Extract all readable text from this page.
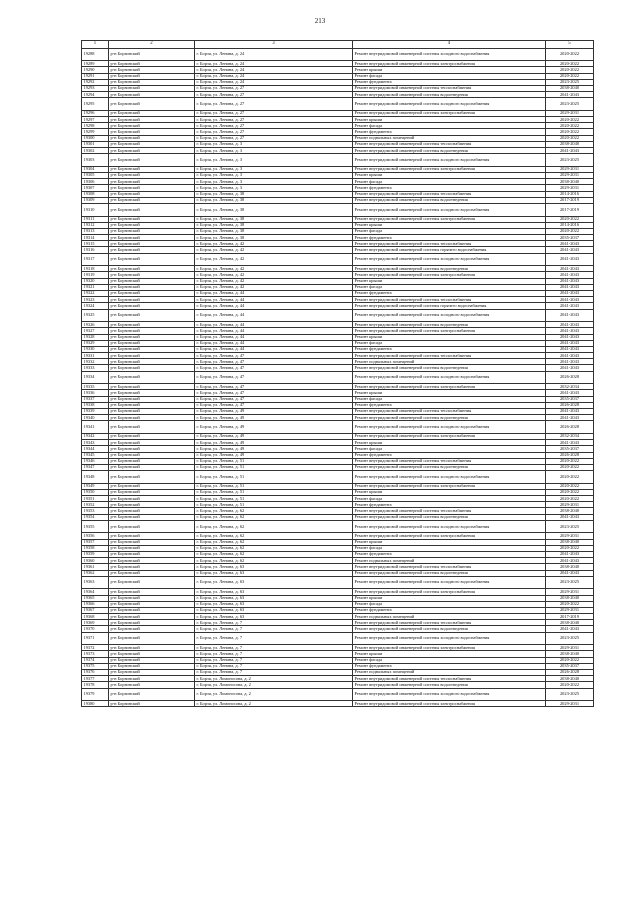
213
1	2	3	4	5
19288	р-н Борзинский	г. Борзя, ул. Ленина, д. 24	Ремонт внутридомовой инженерной системы холодного водоснабжения	2020-2022
19289	р-н Борзинский	г. Борзя, ул. Ленина, д. 24	Ремонт внутридомовой инженерной системы электроснабжения	2020-2022
19290	р-н Борзинский	г. Борзя, ул. Ленина, д. 24	Ремонт крыши	2020-2022
19291	р-н Борзинский	г. Борзя, ул. Ленина, д. 24	Ремонт фасада	2020-2022
19292	р-н Борзинский	г. Борзя, ул. Ленина, д. 24	Ремонт фундамента	2023-2025
19293	р-н Борзинский	г. Борзя, ул. Ленина, д. 27	Ремонт внутридомовой инженерной системы теплоснабжения	2038-2040
19294	р-н Борзинский	г. Борзя, ул. Ленина, д. 27	Ремонт внутридомовой инженерной системы водоотведения	2041-2043
19295	р-н Борзинский	г. Борзя, ул. Ленина, д. 27	Ремонт внутридомовой инженерной системы холодного водоснабжения	2023-2025
19296	р-н Борзинский	г. Борзя, ул. Ленина, д. 27	Ремонт внутридомовой инженерной системы электроснабжения	2029-2031
19297	р-н Борзинский	г. Борзя, ул. Ленина, д. 27	Ремонт крыши	2020-2022
19298	р-н Борзинский	г. Борзя, ул. Ленина, д. 27	Ремонт фасада	2020-2022
19299	р-н Борзинский	г. Борзя, ул. Ленина, д. 27	Ремонт фундамента	2020-2022
19300	р-н Борзинский	г. Борзя, ул. Ленина, д. 27	Ремонт подвальных помещений	2020-2022
19301	р-н Борзинский	г. Борзя, ул. Ленина, д. 3	Ремонт внутридомовой инженерной системы теплоснабжения	2038-2040
19302	р-н Борзинский	г. Борзя, ул. Ленина, д. 3	Ремонт внутридомовой инженерной системы водоотведения	2041-2043
19303	р-н Борзинский	г. Борзя, ул. Ленина, д. 3	Ремонт внутридомовой инженерной системы холодного водоснабжения	2023-2025
19304	р-н Борзинский	г. Борзя, ул. Ленина, д. 3	Ремонт внутридомовой инженерной системы электроснабжения	2029-2031
19305	р-н Борзинский	г. Борзя, ул. Ленина, д. 3	Ремонт крыши	2029-2031
19306	р-н Борзинский	г. Борзя, ул. Ленина, д. 3	Ремонт фасада	2038-2040
19307	р-н Борзинский	г. Борзя, ул. Ленина, д. 3	Ремонт фундамента	2029-2031
19308	р-н Борзинский	г. Борзя, ул. Ленина, д. 38	Ремонт внутридомовой инженерной системы теплоснабжения	2014-2016
19309	р-н Борзинский	г. Борзя, ул. Ленина, д. 38	Ремонт внутридомовой инженерной системы водоотведения	2017-2019
19310	р-н Борзинский	г. Борзя, ул. Ленина, д. 38	Ремонт внутридомовой инженерной системы холодного водоснабжения	2017-2019
19311	р-н Борзинский	г. Борзя, ул. Ленина, д. 38	Ремонт внутридомовой инженерной системы электроснабжения	2020-2022
19312	р-н Борзинский	г. Борзя, ул. Ленина, д. 38	Ремонт крыши	2014-2016
19313	р-н Борзинский	г. Борзя, ул. Ленина, д. 38	Ремонт фасада	2020-2022
19314	р-н Борзинский	г. Борзя, ул. Ленина, д. 38	Ремонт фундамента	2035-2037
19315	р-н Борзинский	г. Борзя, ул. Ленина, д. 42	Ремонт внутридомовой инженерной системы теплоснабжения	2041-2043
19316	р-н Борзинский	г. Борзя, ул. Ленина, д. 42	Ремонт внутридомовой инженерной системы горячего водоснабжения	2041-2043
19317	р-н Борзинский	г. Борзя, ул. Ленина, д. 42	Ремонт внутридомовой инженерной системы холодного водоснабжения	2041-2043
19318	р-н Борзинский	г. Борзя, ул. Ленина, д. 42	Ремонт внутридомовой инженерной системы водоотведения	2041-2043
19319	р-н Борзинский	г. Борзя, ул. Ленина, д. 42	Ремонт внутридомовой инженерной системы электроснабжения	2041-2043
19320	р-н Борзинский	г. Борзя, ул. Ленина, д. 42	Ремонт крыши	2041-2043
19321	р-н Борзинский	г. Борзя, ул. Ленина, д. 42	Ремонт фасада	2041-2043
19322	р-н Борзинский	г. Борзя, ул. Ленина, д. 44	Ремонт фундамента	2041-2043
19323	р-н Борзинский	г. Борзя, ул. Ленина, д. 44	Ремонт внутридомовой инженерной системы теплоснабжения	2041-2043
19324	р-н Борзинский	г. Борзя, ул. Ленина, д. 44	Ремонт внутридомовой инженерной системы горячего водоснабжения	2041-2043
19325	р-н Борзинский	г. Борзя, ул. Ленина, д. 44	Ремонт внутридомовой инженерной системы холодного водоснабжения	2041-2043
19326	р-н Борзинский	г. Борзя, ул. Ленина, д. 44	Ремонт внутридомовой инженерной системы водоотведения	2041-2043
19327	р-н Борзинский	г. Борзя, ул. Ленина, д. 44	Ремонт внутридомовой инженерной системы электроснабжения	2041-2043
19328	р-н Борзинский	г. Борзя, ул. Ленина, д. 44	Ремонт крыши	2041-2043
19329	р-н Борзинский	г. Борзя, ул. Ленина, д. 44	Ремонт фасада	2041-2043
19330	р-н Борзинский	г. Борзя, ул. Ленина, д. 44	Ремонт фундамента	2041-2043
19331	р-н Борзинский	г. Борзя, ул. Ленина, д. 47	Ремонт внутридомовой инженерной системы теплоснабжения	2041-2043
19332	р-н Борзинский	г. Борзя, ул. Ленина, д. 47	Ремонт подвальных помещений	2041-2043
19333	р-н Борзинский	г. Борзя, ул. Ленина, д. 47	Ремонт внутридомовой инженерной системы водоотведения	2041-2043
19334	р-н Борзинский	г. Борзя, ул. Ленина, д. 47	Ремонт внутридомовой инженерной системы холодного водоснабжения	2026-2028
19335	р-н Борзинский	г. Борзя, ул. Ленина, д. 47	Ремонт внутридомовой инженерной системы электроснабжения	2032-2034
19336	р-н Борзинский	г. Борзя, ул. Ленина, д. 47	Ремонт крыши	2041-2043
19337	р-н Борзинский	г. Борзя, ул. Ленина, д. 47	Ремонт фасада	2035-2037
19338	р-н Борзинский	г. Борзя, ул. Ленина, д. 47	Ремонт фундамента	2026-2028
19339	р-н Борзинский	г. Борзя, ул. Ленина, д. 49	Ремонт внутридомовой инженерной системы теплоснабжения	2041-2043
19340	р-н Борзинский	г. Борзя, ул. Ленина, д. 49	Ремонт внутридомовой инженерной системы водоотведения	2041-2043
19341	р-н Борзинский	г. Борзя, ул. Ленина, д. 49	Ремонт внутридомовой инженерной системы холодного водоснабжения	2026-2028
19342	р-н Борзинский	г. Борзя, ул. Ленина, д. 49	Ремонт внутридомовой инженерной системы электроснабжения	2032-2034
19343	р-н Борзинский	г. Борзя, ул. Ленина, д. 49	Ремонт крыши	2041-2043
19344	р-н Борзинский	г. Борзя, ул. Ленина, д. 49	Ремонт фасада	2035-2037
19345	р-н Борзинский	г. Борзя, ул. Ленина, д. 49	Ремонт фундамента	2026-2028
19346	р-н Борзинский	г. Борзя, ул. Ленина, д. 51	Ремонт внутридомовой инженерной системы теплоснабжения	2020-2022
19347	р-н Борзинский	г. Борзя, ул. Ленина, д. 51	Ремонт внутридомовой инженерной системы водоотведения	2020-2022
19348	р-н Борзинский	г. Борзя, ул. Ленина, д. 51	Ремонт внутридомовой инженерной системы холодного водоснабжения	2020-2022
19349	р-н Борзинский	г. Борзя, ул. Ленина, д. 51	Ремонт внутридомовой инженерной системы электроснабжения	2020-2022
19350	р-н Борзинский	г. Борзя, ул. Ленина, д. 51	Ремонт крыши	2020-2022
19351	р-н Борзинский	г. Борзя, ул. Ленина, д. 51	Ремонт фасада	2020-2022
19352	р-н Борзинский	г. Борзя, ул. Ленина, д. 51	Ремонт фундамента	2029-2031
19353	р-н Борзинский	г. Борзя, ул. Ленина, д. 62	Ремонт внутридомовой инженерной системы теплоснабжения	2038-2040
19354	р-н Борзинский	г. Борзя, ул. Ленина, д. 62	Ремонт внутридомовой инженерной системы водоотведения	2041-2043
19355	р-н Борзинский	г. Борзя, ул. Ленина, д. 62	Ремонт внутридомовой инженерной системы холодного водоснабжения	2023-2025
19356	р-н Борзинский	г. Борзя, ул. Ленина, д. 62	Ремонт внутридомовой инженерной системы электроснабжения	2029-2031
19357	р-н Борзинский	г. Борзя, ул. Ленина, д. 62	Ремонт крыши	2038-2040
19358	р-н Борзинский	г. Борзя, ул. Ленина, д. 62	Ремонт фасада	2020-2022
19359	р-н Борзинский	г. Борзя, ул. Ленина, д. 62	Ремонт фундамента	2041-2043
19360	р-н Борзинский	г. Борзя, ул. Ленина, д. 62	Ремонт подвальных помещений	2041-2043
19361	р-н Борзинский	г. Борзя, ул. Ленина, д. 63	Ремонт внутридомовой инженерной системы теплоснабжения	2038-2040
19362	р-н Борзинский	г. Борзя, ул. Ленина, д. 63	Ремонт внутридомовой инженерной системы водоотведения	2041-2043
19363	р-н Борзинский	г. Борзя, ул. Ленина, д. 63	Ремонт внутридомовой инженерной системы холодного водоснабжения	2023-2025
19364	р-н Борзинский	г. Борзя, ул. Ленина, д. 63	Ремонт внутридомовой инженерной системы электроснабжения	2029-2031
19365	р-н Борзинский	г. Борзя, ул. Ленина, д. 63	Ремонт крыши	2038-2040
19366	р-н Борзинский	г. Борзя, ул. Ленина, д. 63	Ремонт фасада	2020-2022
19367	р-н Борзинский	г. Борзя, ул. Ленина, д. 63	Ремонт фундамента	2029-2031
19368	р-н Борзинский	г. Борзя, ул. Ленина, д. 63	Ремонт подвальных помещений	2017-2019
19369	р-н Борзинский	г. Борзя, ул. Ленина, д. 7	Ремонт внутридомовой инженерной системы теплоснабжения	2038-2040
19370	р-н Борзинский	г. Борзя, ул. Ленина, д. 7	Ремонт внутридомовой инженерной системы водоотведения	2041-2043
19371	р-н Борзинский	г. Борзя, ул. Ленина, д. 7	Ремонт внутридомовой инженерной системы холодного водоснабжения	2023-2025
19372	р-н Борзинский	г. Борзя, ул. Ленина, д. 7	Ремонт внутридомовой инженерной системы электроснабжения	2029-2031
19373	р-н Борзинский	г. Борзя, ул. Ленина, д. 7	Ремонт крыши	2038-2040
19374	р-н Борзинский	г. Борзя, ул. Ленина, д. 7	Ремонт фасада	2020-2022
19375	р-н Борзинский	г. Борзя, ул. Ленина, д. 7	Ремонт фундамента	2035-2037
19376	р-н Борзинский	г. Борзя, ул. Ленина, д. 7	Ремонт подвальных помещений	2026-2028
19377	р-н Борзинский	г. Борзя, ул. Ломоносова, д. 2	Ремонт внутридомовой инженерной системы теплоснабжения	2038-2040
19378	р-н Борзинский	г. Борзя, ул. Ломоносова, д. 2	Ремонт внутридомовой инженерной системы водоотведения	2020-2022
19379	р-н Борзинский	г. Борзя, ул. Ломоносова, д. 2	Ремонт внутридомовой инженерной системы холодного водоснабжения	2023-2025
19380	р-н Борзинский	г. Борзя, ул. Ломоносова, д. 2	Ремонт внутридомовой инженерной системы электроснабжения	2029-2031
